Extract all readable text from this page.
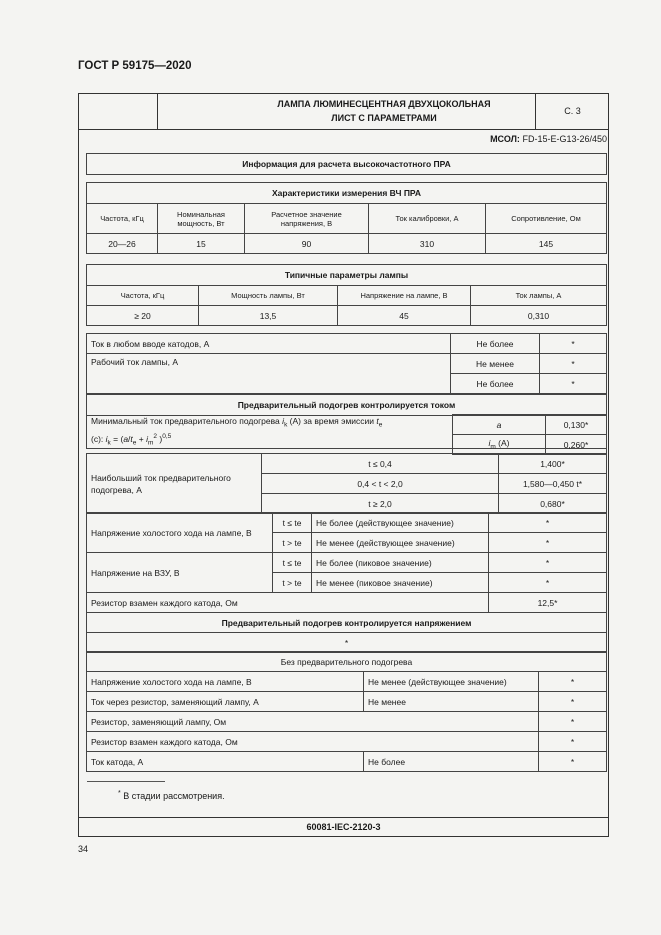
ГОСТ Р 59175—2020
ЛАМПА ЛЮМИНЕСЦЕНТНАЯ ДВУХЦОКОЛЬНАЯ
ЛИСТ С ПАРАМЕТРАМИ
С. 3
МСОЛ: FD-15-E-G13-26/450
Информация для расчета высокочастотного ПРА
Характеристики измерения ВЧ ПРА				
Частота, кГц	Номинальная мощность, Вт	Расчетное значение напряжения, В	Ток калибровки, А	Сопротивление, Ом
20—26	15	90	310	145
Типичные параметры лампы			
Частота, кГц	Мощность лампы, Вт	Напряжение на лампе, В	Ток лампы, А
≥ 20	13,5	45	0,310
Ток в любом вводе катодов, А	Не более	*
Рабочий ток лампы, А	Не менее	*
	Не более	*
Предварительный подогрев контролируется током
Минимальный ток предварительного подогрева $i_k$ (А) за время эмиссии $t_e$
(с): $i_k = (a/t_e + i_m^2$ )$^{0,5}$

a	0,130*
$i_m$ (А)	0,260*
Наибольший ток предварительного подогрева, А	t ≤ 0,4	1,400*
	0,4 < t < 2,0	1,580—0,450 t*
	t ≥ 2,0	0,680*
Напряжение холостого хода на лампе, В	t ≤ te	Не более (действующее значение)	*
	t > te	Не менее (действующее значение)	*
Напряжение на ВЗУ, В	t ≤ te	Не более (пиковое значение)	*
	t > te	Не менее (пиковое значение)	*
Резистор взамен каждого катода, Ом			12,5*
Предварительный подогрев контролируется напряжением
*
Без предварительного подогрева		
Напряжение холостого хода на лампе, В	Не менее (действующее значение)	*
Ток через резистор, заменяющий лампу, А	Не менее	*
Резистор, заменяющий лампу, Ом		*
Резистор взамен каждого катода, Ом		*
Ток катода, А	Не более	*
* В стадии рассмотрения.
60081-IEC-2120-3
34
